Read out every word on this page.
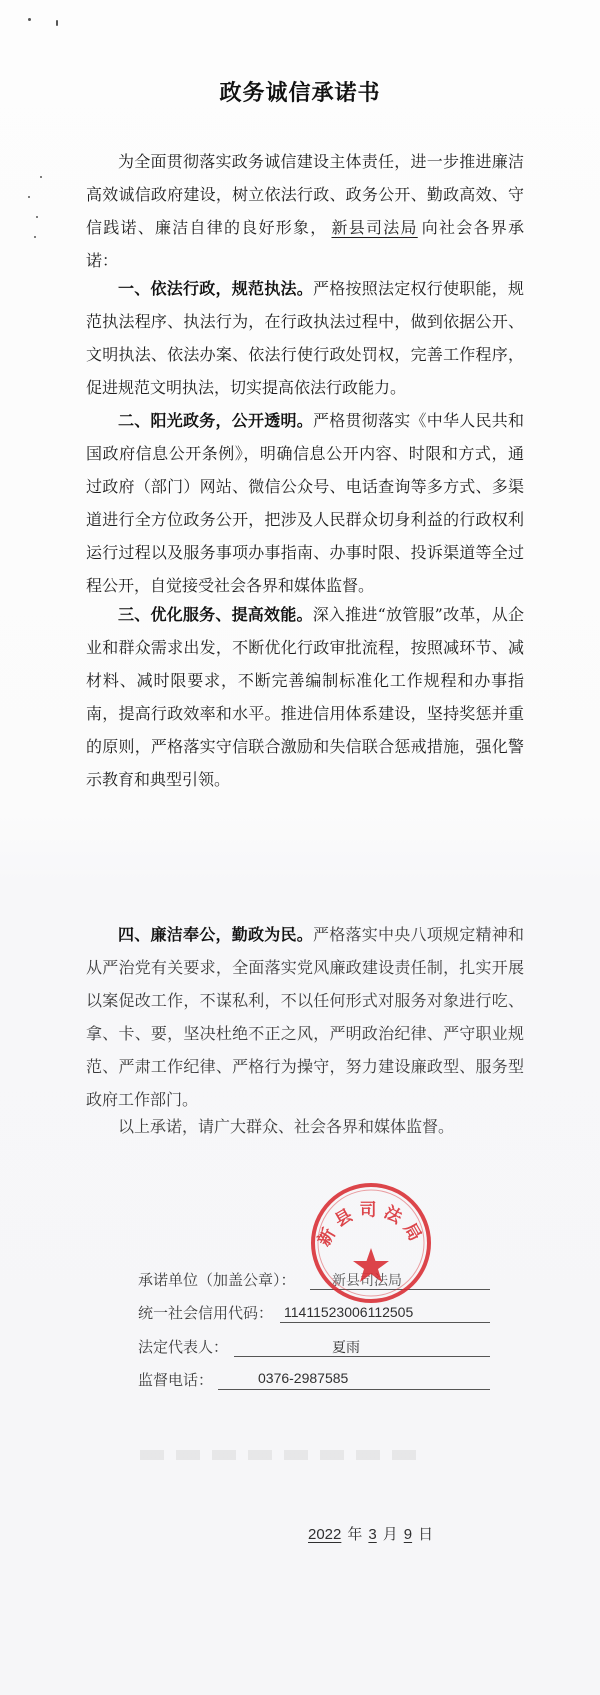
政务诚信承诺书

为全面贯彻落实政务诚信建设主体责任，进一步推进廉洁高效诚信政府建设，树立依法行政、政务公开、勤政高效、守信践诺、廉洁自律的良好形象， 新县司法局 向社会各界承诺：

一、依法行政，规范执法。严格按照法定权行使职能，规范执法程序、执法行为，在行政执法过程中，做到依据公开、文明执法、依法办案、依法行使行政处罚权，完善工作程序，促进规范文明执法，切实提高依法行政能力。

二、阳光政务，公开透明。严格贯彻落实《中华人民共和国政府信息公开条例》，明确信息公开内容、时限和方式，通过政府（部门）网站、微信公众号、电话查询等多方式、多渠道进行全方位政务公开，把涉及人民群众切身利益的行政权利运行过程以及服务事项办事指南、办事时限、投诉渠道等全过程公开，自觉接受社会各界和媒体监督。

三、优化服务、提高效能。深入推进“放管服”改革，从企业和群众需求出发，不断优化行政审批流程，按照减环节、减材料、减时限要求，不断完善编制标准化工作规程和办事指南，提高行政效率和水平。推进信用体系建设，坚持奖惩并重的原则，严格落实守信联合激励和失信联合惩戒措施，强化警示教育和典型引领。

四、廉洁奉公，勤政为民。严格落实中央八项规定精神和从严治党有关要求，全面落实党风廉政建设责任制，扎实开展以案促改工作，不谋私利，不以任何形式对服务对象进行吃、拿、卡、要，坚决杜绝不正之风，严明政治纪律、严守职业规范、严肃工作纪律、严格行为操守，努力建设廉政型、服务型政府工作部门。

以上承诺，请广大群众、社会各界和媒体监督。

承诺单位（加盖公章）：	新县司法局
统一社会信用代码： 11411523006112505
法定代表人：	夏雨
监督电话：	0376-2987585
新县司法局
2022 年 3 月 9 日
